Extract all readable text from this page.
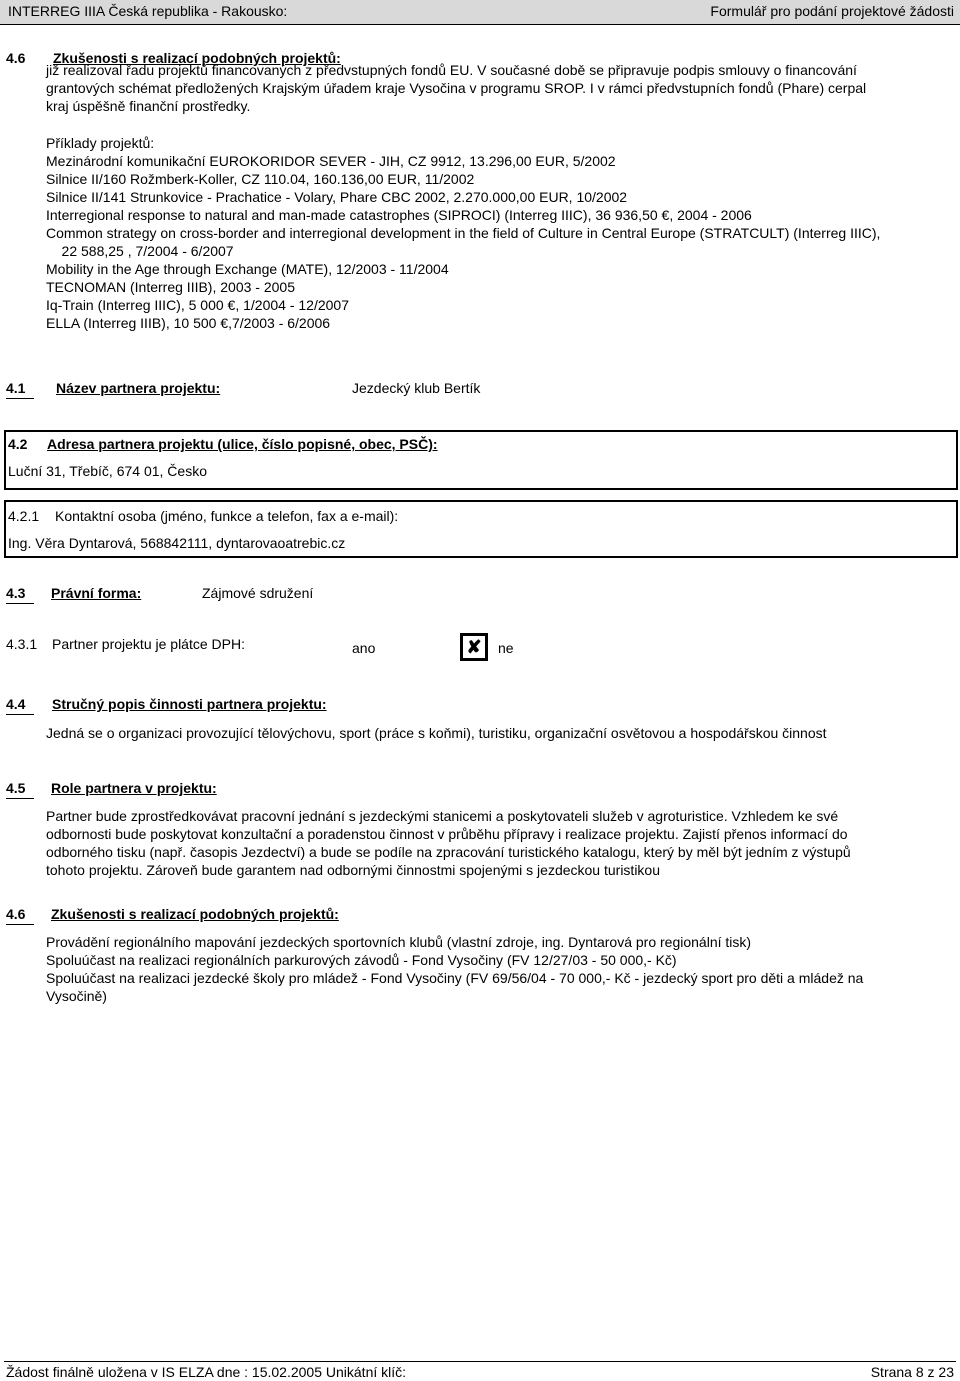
INTERREG IIIA Česká republika - Rakousko:	Formulář pro podání projektové žádosti
4.6 Zkušenosti s realizací podobných projektů:
již realizoval řadu projektů financovaných z předvstupných fondů EU. V současné době se připravuje podpis smlouvy o financování
grantových schémat předložených Krajským úřadem kraje Vysočina v programu SROP. I v rámci předvstupních fondů (Phare) cerpal
kraj úspěšně finanční prostředky.
Příklady projektů:
Mezinárodní komunikační EUROKORIDOR SEVER - JIH, CZ 9912, 13.296,00 EUR, 5/2002
Silnice II/160 Rožmberk-Koller, CZ 110.04, 160.136,00 EUR, 11/2002
Silnice II/141 Strunkovice - Prachatice - Volary, Phare CBC 2002, 2.270.000,00 EUR, 10/2002
Interregional response to natural and man-made catastrophes (SIPROCI) (Interreg IIIC), 36 936,50 €, 2004 - 2006
Common strategy on cross-border and interregional development in the field of Culture in Central Europe (STRATCULT) (Interreg IIIC),
22 588,25 , 7/2004 - 6/2007
Mobility in the Age through Exchange (MATE), 12/2003 - 11/2004
TECNOMAN (Interreg IIIB), 2003 - 2005
Iq-Train (Interreg IIIC), 5 000 €, 1/2004 - 12/2007
ELLA (Interreg IIIB), 10 500 €,7/2003 - 6/2006
4.1 Název partnera projektu:	Jezdecký klub Bertík
4.2 Adresa partnera projektu (ulice, číslo popisné, obec, PSČ):
Luční 31, Třebíč, 674 01, Česko
4.2.1 Kontaktní osoba (jméno, funkce a telefon, fax a e-mail):
Ing. Věra Dyntarová, 568842111, dyntarovaoatrebic.cz
4.3 Právní forma:	Zájmové sdružení
4.3.1 Partner projektu je plátce DPH:	ano	✘	ne
4.4 Stručný popis činnosti partnera projektu:
Jedná se o organizaci provozující tělovýchovu, sport (práce s koňmi), turistiku, organizační osvětovou a hospodářskou činnost
4.5 Role partnera v projektu:
Partner bude zprostředkovávat pracovní jednání s jezdeckými stanicemi a poskytovateli služeb v agroturistice. Vzhledem ke své
odbornosti bude poskytovat konzultační a poradenstou činnost v průběhu přípravy i realizace projektu. Zajistí přenos informací do
odborného tisku (např. časopis Jezdectví) a bude se podíle na zpracování turistického katalogu, který by měl být jedním z výstupů
tohoto projektu. Zároveň bude garantem nad odbornými činnostmi spojenými s jezdeckou turistikou
4.6 Zkušenosti s realizací podobných projektů:
Provádění regionálního mapování jezdeckých sportovních klubů (vlastní zdroje, ing. Dyntarová pro regionální tisk)
Spoluúčast na realizaci regionálních parkurových závodů - Fond Vysočiny (FV 12/27/03 - 50 000,- Kč)
Spoluúčast na realizaci jezdecké školy pro mládež - Fond Vysočiny (FV 69/56/04 - 70 000,- Kč - jezdecký sport pro děti a mládež na
Vysočině)
Žádost finálně uložena v IS ELZA dne : 15.02.2005 Unikátní klíč:	Strana 8 z 23
